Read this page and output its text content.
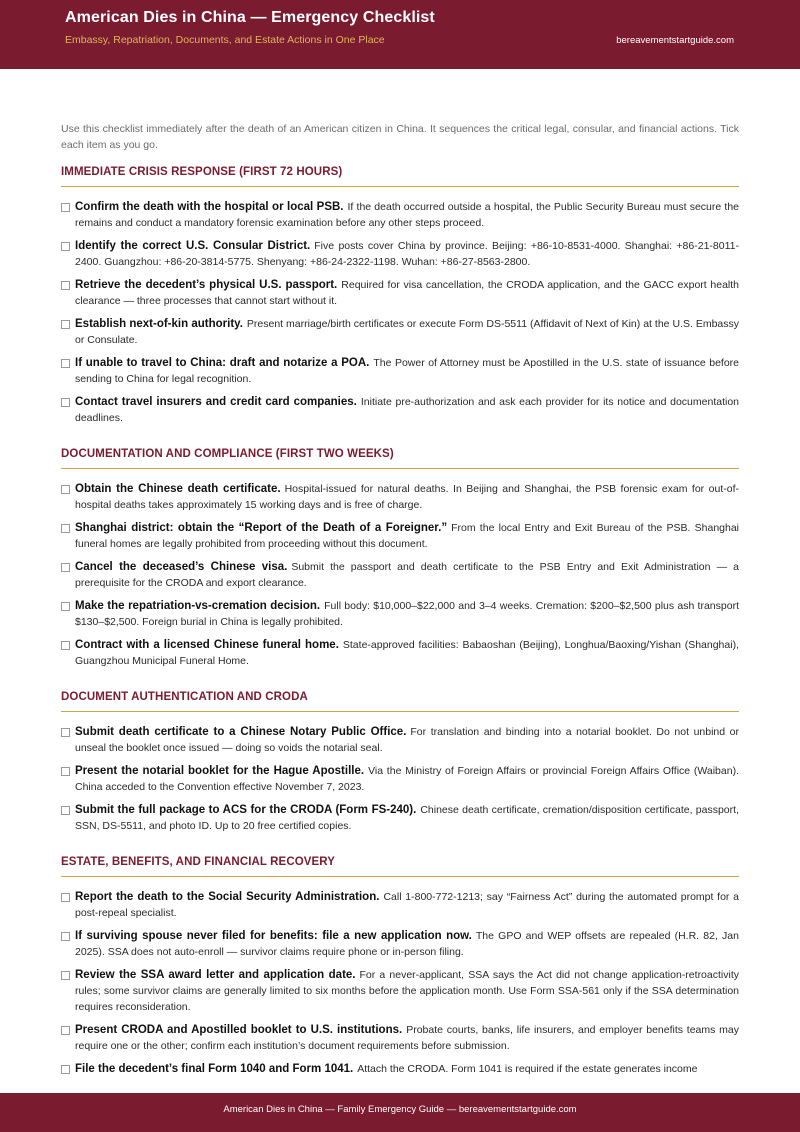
American Dies in China — Emergency Checklist
Embassy, Repatriation, Documents, and Estate Actions in One Place	bereavementstartguide.com

Use this checklist immediately after the death of an American citizen in China. It sequences the critical legal, consular, and financial actions. Tick each item as you go.

IMMEDIATE CRISIS RESPONSE (FIRST 72 HOURS)
Confirm the death with the hospital or local PSB. If the death occurred outside a hospital, the Public Security Bureau must secure the remains and conduct a mandatory forensic examination before any other steps proceed.
Identify the correct U.S. Consular District. Five posts cover China by province. Beijing: +86-10-8531-4000. Shanghai: +86-21-8011-2400. Guangzhou: +86-20-3814-5775. Shenyang: +86-24-2322-1198. Wuhan: +86-27-8563-2800.
Retrieve the decedent’s physical U.S. passport. Required for visa cancellation, the CRODA application, and the GACC export health clearance — three processes that cannot start without it.
Establish next-of-kin authority. Present marriage/birth certificates or execute Form DS-5511 (Affidavit of Next of Kin) at the U.S. Embassy or Consulate.
If unable to travel to China: draft and notarize a POA. The Power of Attorney must be Apostilled in the U.S. state of issuance before sending to China for legal recognition.
Contact travel insurers and credit card companies. Initiate pre-authorization and ask each provider for its notice and documentation deadlines.
DOCUMENTATION AND COMPLIANCE (FIRST TWO WEEKS)
Obtain the Chinese death certificate. Hospital-issued for natural deaths. In Beijing and Shanghai, the PSB forensic exam for out-of-hospital deaths takes approximately 15 working days and is free of charge.
Shanghai district: obtain the “Report of the Death of a Foreigner.” From the local Entry and Exit Bureau of the PSB. Shanghai funeral homes are legally prohibited from proceeding without this document.
Cancel the deceased’s Chinese visa. Submit the passport and death certificate to the PSB Entry and Exit Administration — a prerequisite for the CRODA and export clearance.
Make the repatriation-vs-cremation decision. Full body: $10,000–$22,000 and 3–4 weeks. Cremation: $200–$2,500 plus ash transport $130–$2,500. Foreign burial in China is legally prohibited.
Contract with a licensed Chinese funeral home. State-approved facilities: Babaoshan (Beijing), Longhua/Baoxing/Yishan (Shanghai), Guangzhou Municipal Funeral Home.
DOCUMENT AUTHENTICATION AND CRODA
Submit death certificate to a Chinese Notary Public Office. For translation and binding into a notarial booklet. Do not unbind or unseal the booklet once issued — doing so voids the notarial seal.
Present the notarial booklet for the Hague Apostille. Via the Ministry of Foreign Affairs or provincial Foreign Affairs Office (Waiban). China acceded to the Convention effective November 7, 2023.
Submit the full package to ACS for the CRODA (Form FS-240). Chinese death certificate, cremation/disposition certificate, passport, SSN, DS-5511, and photo ID. Up to 20 free certified copies.
ESTATE, BENEFITS, AND FINANCIAL RECOVERY
Report the death to the Social Security Administration. Call 1-800-772-1213; say “Fairness Act” during the automated prompt for a post-repeal specialist.
If surviving spouse never filed for benefits: file a new application now. The GPO and WEP offsets are repealed (H.R. 82, Jan 2025). SSA does not auto-enroll — survivor claims require phone or in-person filing.
Review the SSA award letter and application date. For a never-applicant, SSA says the Act did not change application-retroactivity rules; some survivor claims are generally limited to six months before the application month. Use Form SSA-561 only if the SSA determination requires reconsideration.
Present CRODA and Apostilled booklet to U.S. institutions. Probate courts, banks, life insurers, and employer benefits teams may require one or the other; confirm each institution’s document requirements before submission.
File the decedent’s final Form 1040 and Form 1041. Attach the CRODA. Form 1041 is required if the estate generates income
American Dies in China — Family Emergency Guide — bereavementstartguide.com
